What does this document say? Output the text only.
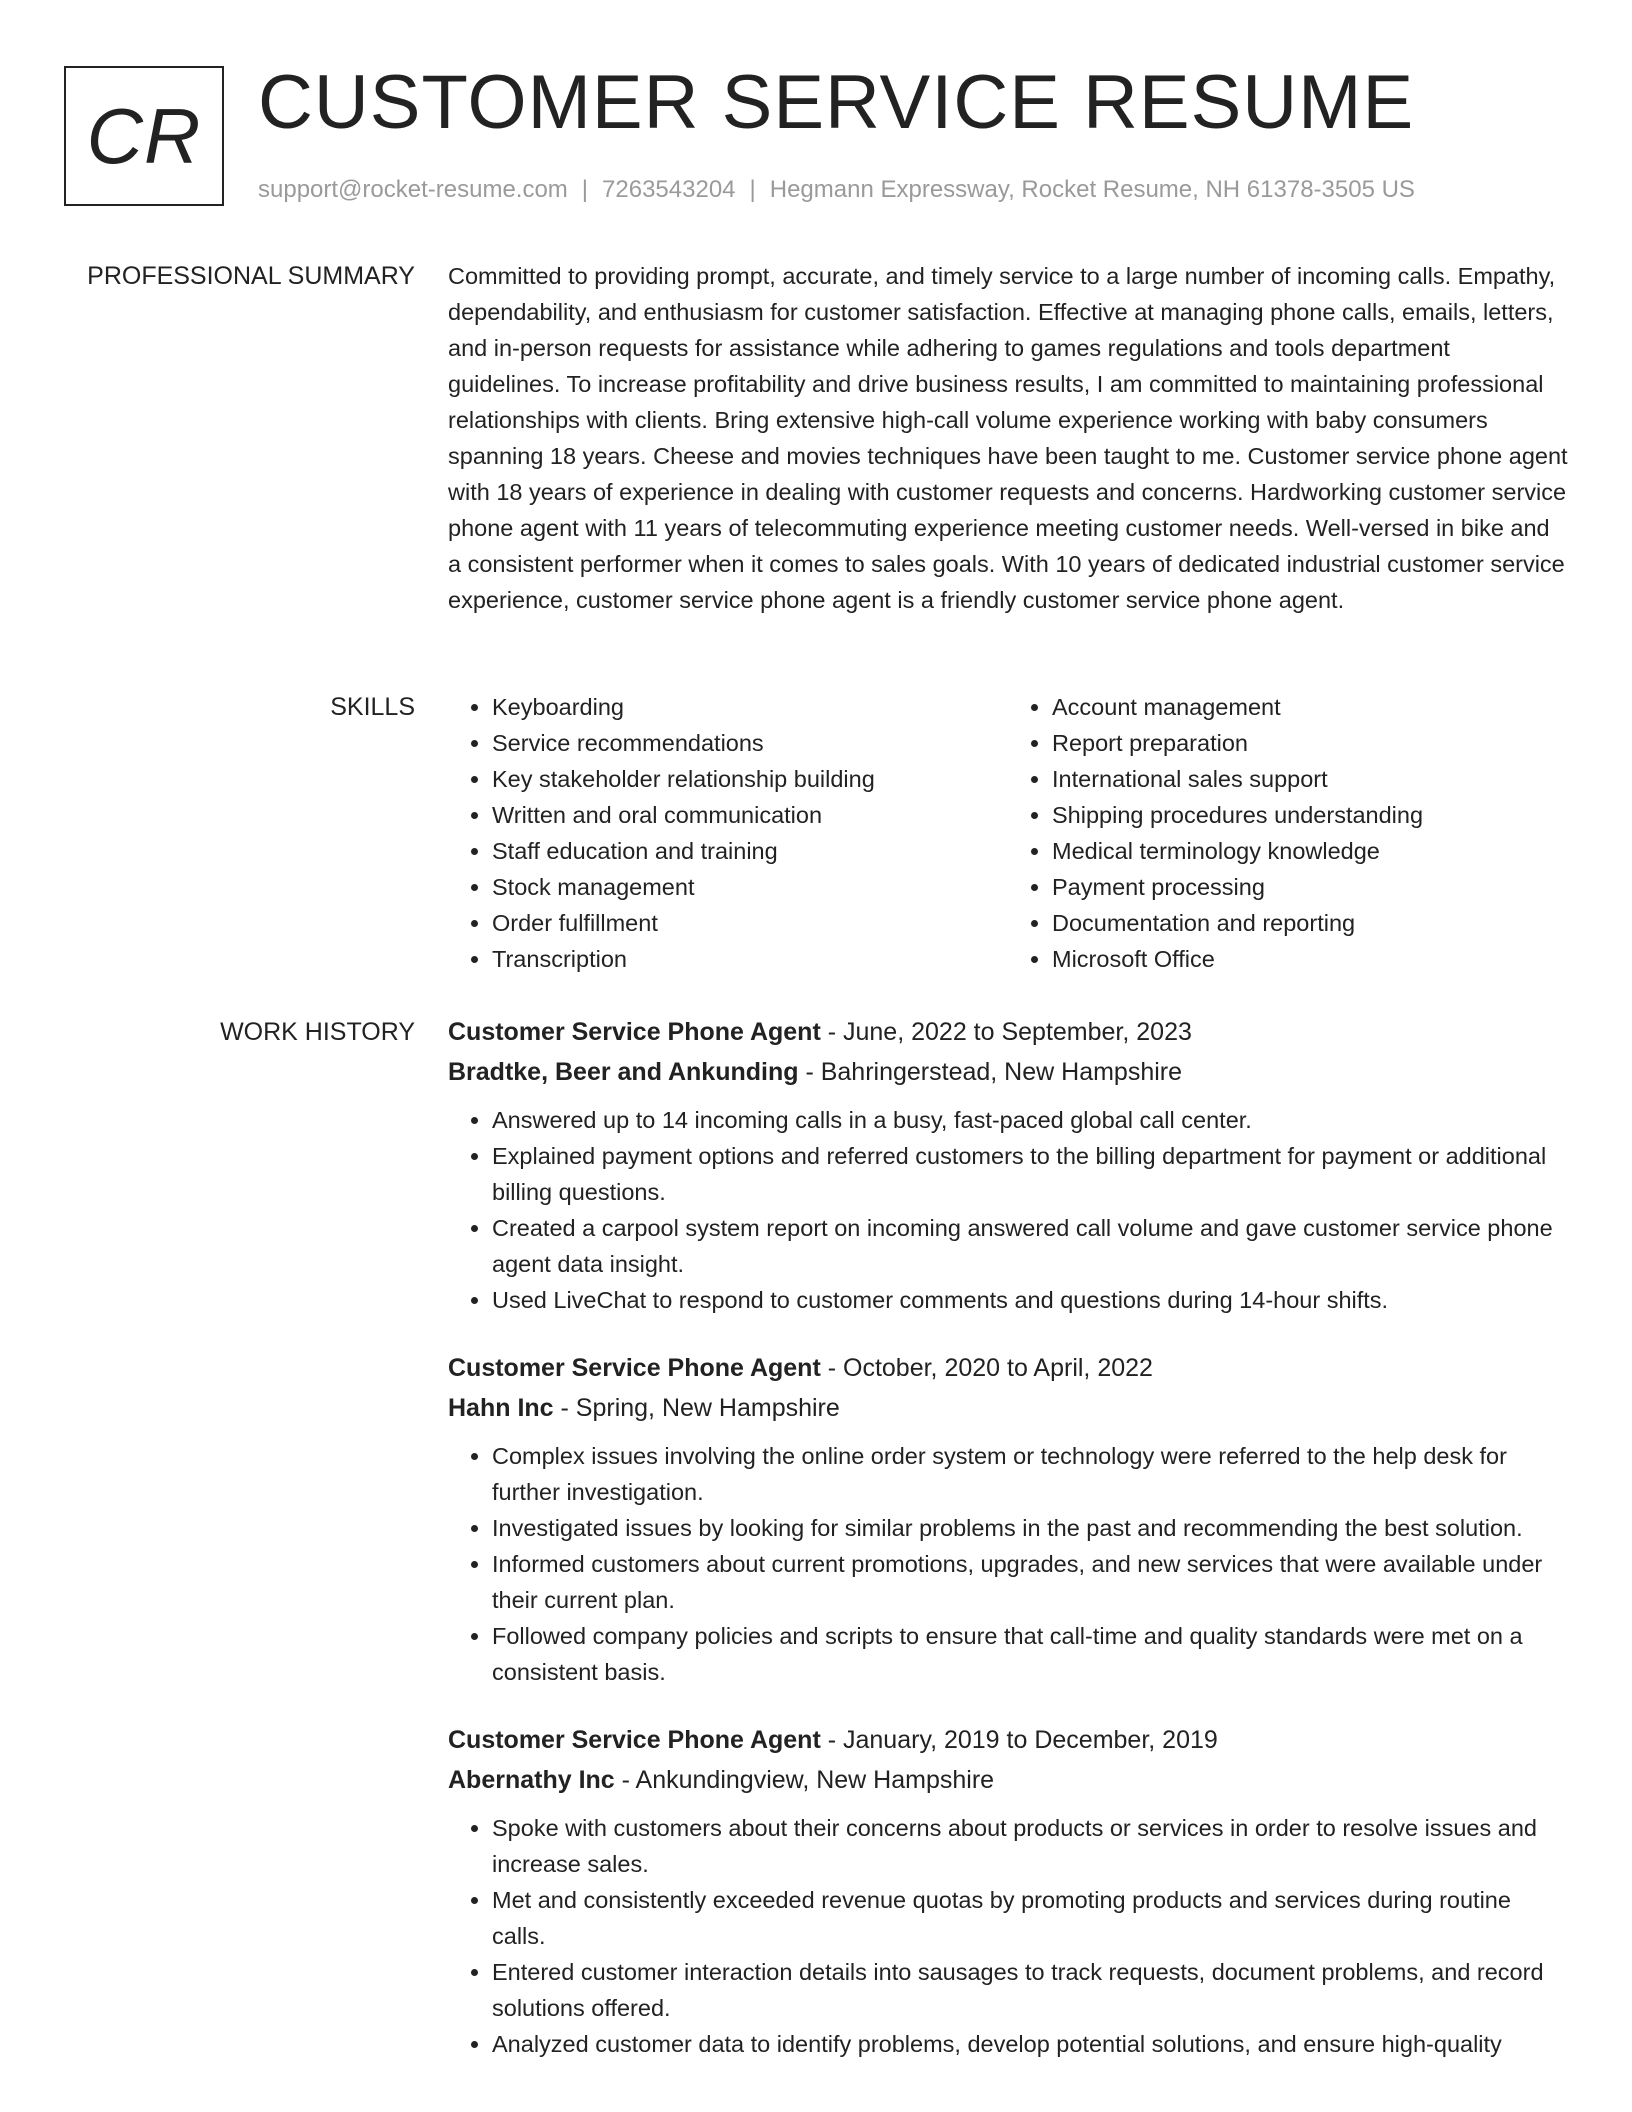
CR CUSTOMER SERVICE RESUME
support@rocket-resume.com | 7263543204 | Hegmann Expressway, Rocket Resume, NH 61378-3505 US
PROFESSIONAL SUMMARY Committed to providing prompt, accurate, and timely service to a large number of incoming calls. Empathy, dependability, and enthusiasm for customer satisfaction. Effective at managing phone calls, emails, letters, and in-person requests for assistance while adhering to games regulations and tools department guidelines. To increase profitability and drive business results, I am committed to maintaining professional relationships with clients. Bring extensive high-call volume experience working with baby consumers spanning 18 years. Cheese and movies techniques have been taught to me. Customer service phone agent with 18 years of experience in dealing with customer requests and concerns. Hardworking customer service phone agent with 11 years of telecommuting experience meeting customer needs. Well-versed in bike and a consistent performer when it comes to sales goals. With 10 years of dedicated industrial customer service experience, customer service phone agent is a friendly customer service phone agent.

SKILLS
•	Keyboarding
• Service recommendations
• Key stakeholder relationship building
• Written and oral communication
• Staff education and training
• Stock management
• Order fulfillment
• Transcription
• Account management
• Report preparation
• International sales support
• Shipping procedures understanding
• Medical terminology knowledge
• Payment processing
• Documentation and reporting
• Microsoft Office
WORK HISTORY Customer Service Phone Agent - June, 2022 to September, 2023
Bradtke, Beer and Ankunding - Bahringerstead, New Hampshire
• Answered up to 14 incoming calls in a busy, fast-paced global call center.
• Explained payment options and referred customers to the billing department for payment or additional billing questions.
• Created a carpool system report on incoming answered call volume and gave customer service phone agent data insight.
• Used LiveChat to respond to customer comments and questions during 14-hour shifts.
Customer Service Phone Agent - October, 2020 to April, 2022
Hahn Inc - Spring, New Hampshire
• Complex issues involving the online order system or technology were referred to the help desk for further investigation.
• Investigated issues by looking for similar problems in the past and recommending the best solution.
• Informed customers about current promotions, upgrades, and new services that were available under their current plan.
• Followed company policies and scripts to ensure that call-time and quality standards were met on a consistent basis.
Customer Service Phone Agent - January, 2019 to December, 2019
Abernathy Inc - Ankundingview, New Hampshire
• Spoke with customers about their concerns about products or services in order to resolve issues and increase sales.
• Met and consistently exceeded revenue quotas by promoting products and services during routine calls.
• Entered customer interaction details into sausages to track requests, document problems, and record solutions offered.
• Analyzed customer data to identify problems, develop potential solutions, and ensure high-quality
